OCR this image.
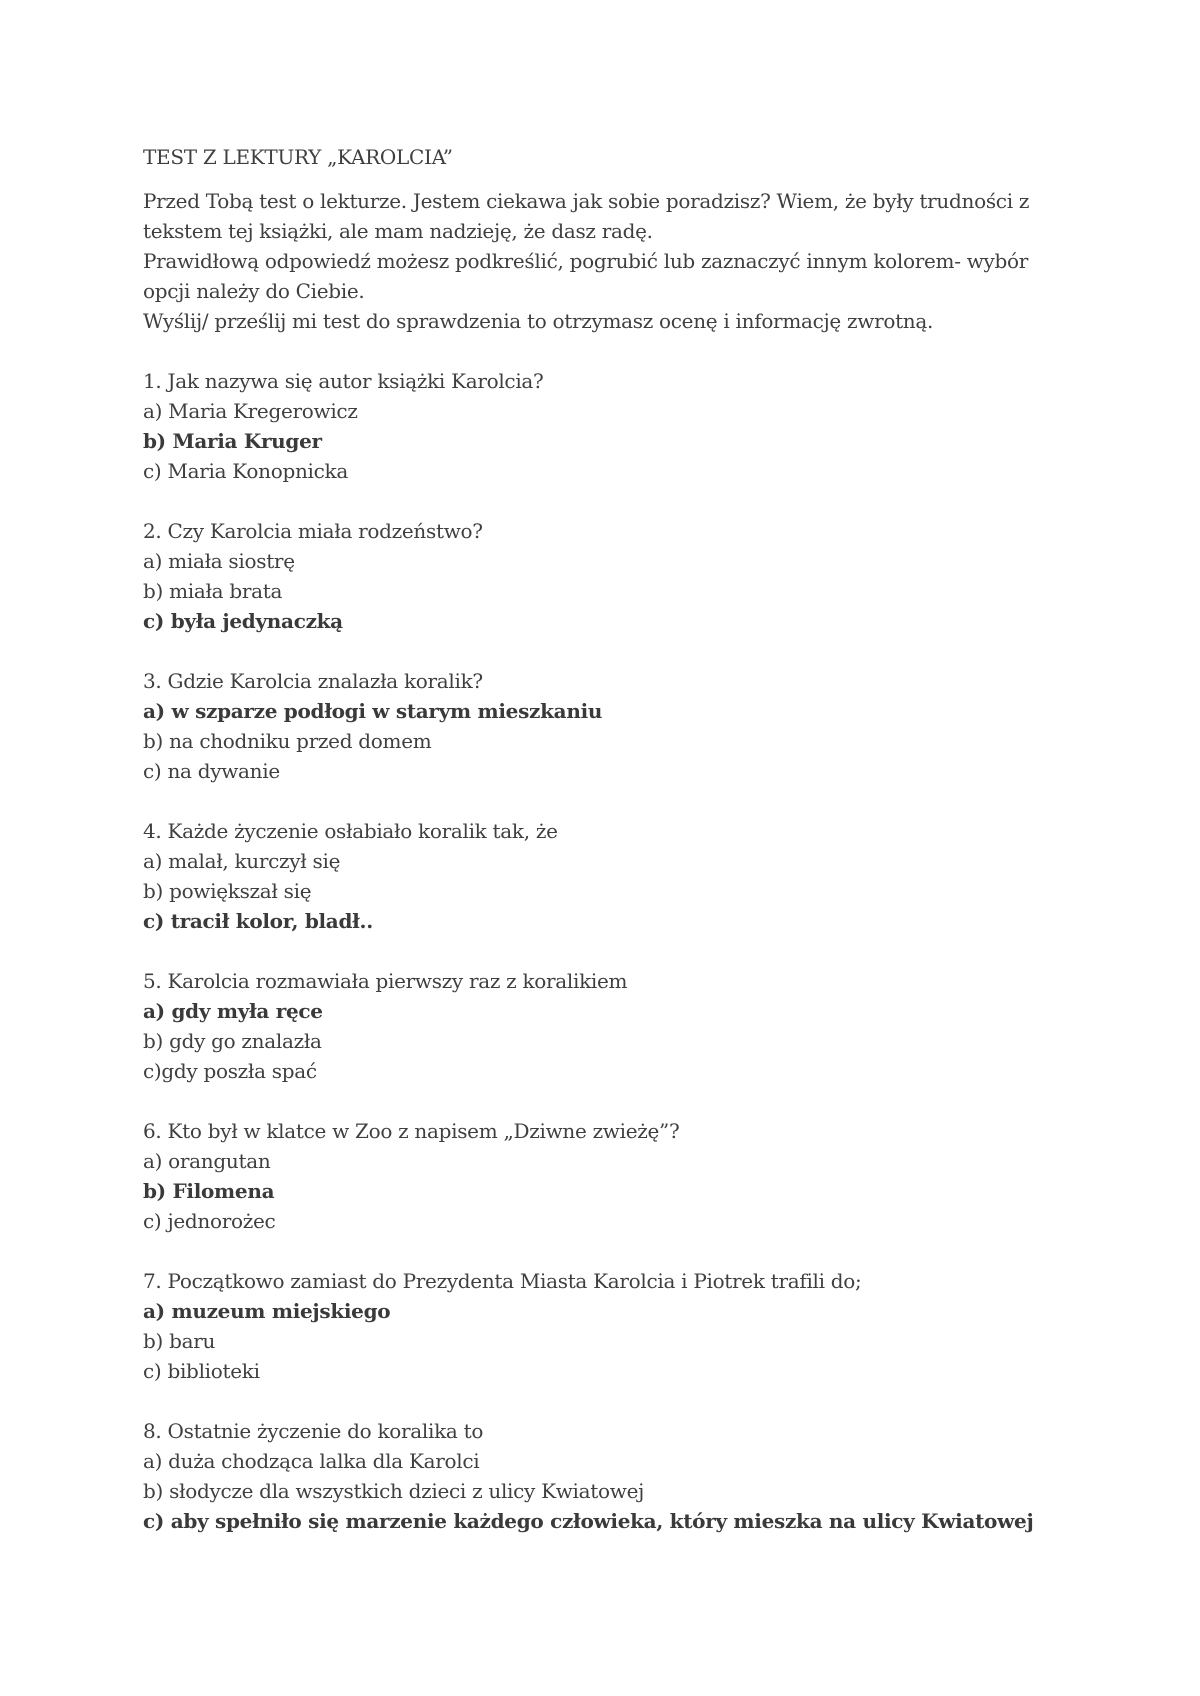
TEST Z LEKTURY „KAROLCIA”
Przed Tobą test o lekturze. Jestem ciekawa jak sobie poradzisz? Wiem, że były trudności z
tekstem tej książki, ale mam nadzieję, że dasz radę.
Prawidłową odpowiedź możesz podkreślić, pogrubić lub zaznaczyć innym kolorem- wybór
opcji należy do Ciebie.
Wyślij/ prześlij mi test do sprawdzenia to otrzymasz ocenę i informację zwrotną.
1. Jak nazywa się autor książki Karolcia?
a) Maria Kregerowicz
b) Maria Kruger
c) Maria Konopnicka
2. Czy Karolcia miała rodzeństwo?
a) miała siostrę
b) miała brata
c) była jedynaczką
3. Gdzie Karolcia znalazła koralik?
a) w szparze podłogi w starym mieszkaniu
b) na chodniku przed domem
c) na dywanie
4. Każde życzenie osłabiało koralik tak, że
a) malał, kurczył się
b) powiększał się
c) tracił kolor, bladł..
5. Karolcia rozmawiała pierwszy raz z koralikiem
a) gdy myła ręce
b) gdy go znalazła
c)gdy poszła spać
6. Kto był w klatce w Zoo z napisem „Dziwne zwieżę”?
a) orangutan
b) Filomena
c) jednorożec
7. Początkowo zamiast do Prezydenta Miasta Karolcia i Piotrek trafili do;
a) muzeum miejskiego
b) baru
c) biblioteki
8. Ostatnie życzenie do koralika to
a) duża chodząca lalka dla Karolci
b) słodycze dla wszystkich dzieci z ulicy Kwiatowej
c) aby spełniło się marzenie każdego człowieka, który mieszka na ulicy Kwiatowej
